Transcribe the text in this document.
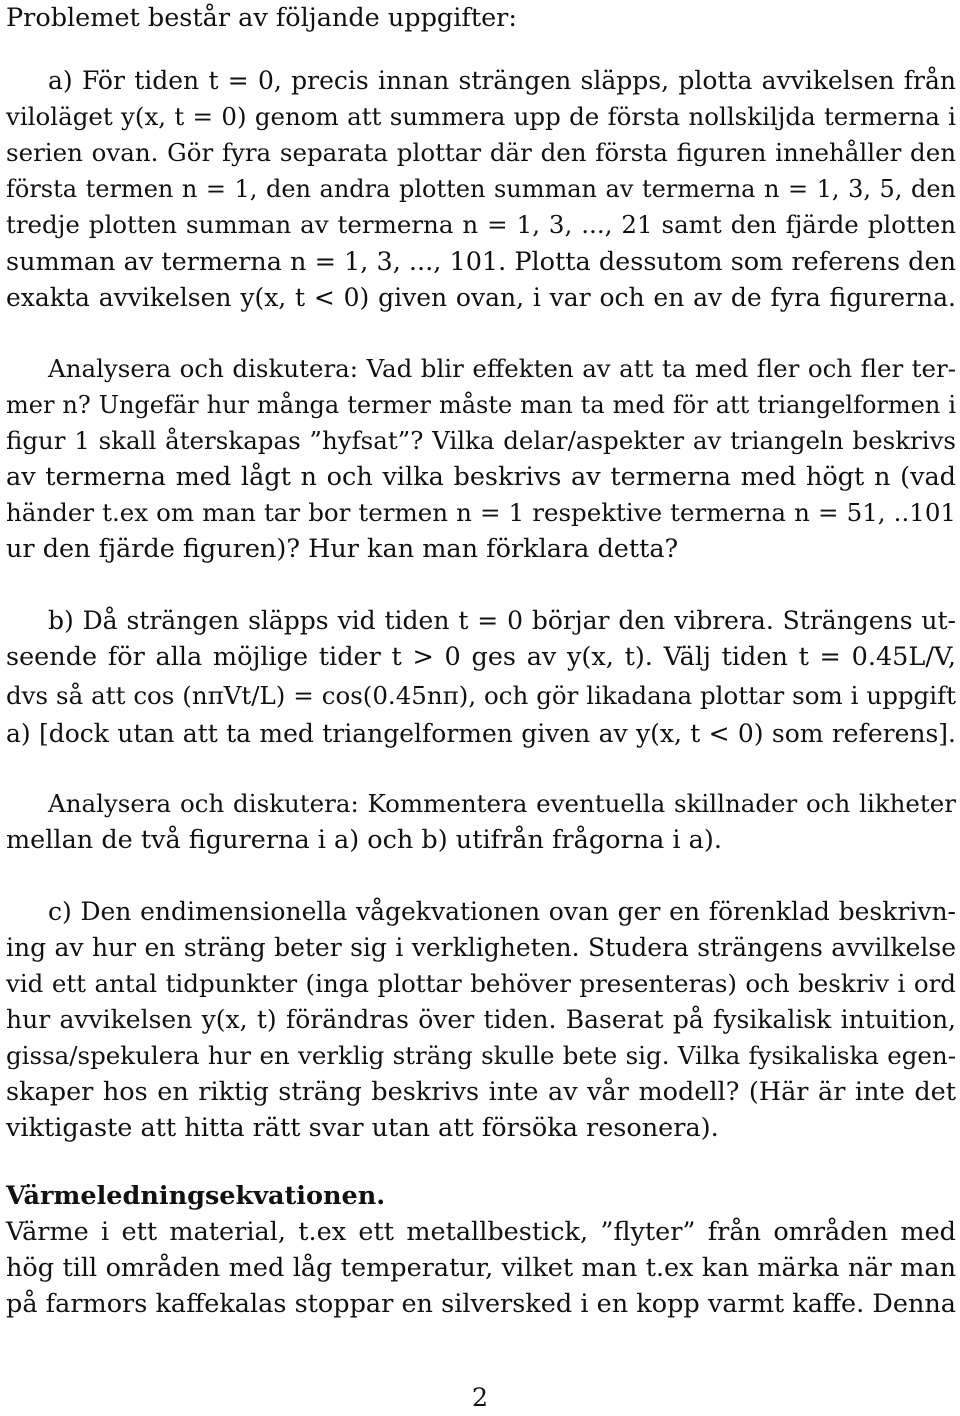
Problemet består av följande uppgifter:
a) För tiden t = 0, precis innan strängen släpps, plotta avvikelsen från
viloläget y(x, t = 0) genom att summera upp de första nollskiljda termerna i
serien ovan. Gör fyra separata plottar där den första figuren innehåller den
första termen n = 1, den andra plotten summan av termerna n = 1, 3, 5, den
tredje plotten summan av termerna n = 1, 3, ..., 21 samt den fjärde plotten
summan av termerna n = 1, 3, ..., 101. Plotta dessutom som referens den
exakta avvikelsen y(x, t < 0) given ovan, i var och en av de fyra figurerna.
Analysera och diskutera: Vad blir effekten av att ta med fler och fler ter-
mer n? Ungefär hur många termer måste man ta med för att triangelformen i
figur 1 skall återskapas ”hyfsat”? Vilka delar/aspekter av triangeln beskrivs
av termerna med lågt n och vilka beskrivs av termerna med högt n (vad
händer t.ex om man tar bor termen n = 1 respektive termerna n = 51, ..101
ur den fjärde figuren)? Hur kan man förklara detta?
b) Då strängen släpps vid tiden t = 0 börjar den vibrera. Strängens ut-
seende för alla möjlige tider t > 0 ges av y(x, t). Välj tiden t = 0.45L/V,
dvs så att cos (nπVt/L) = cos(0.45nπ), och gör likadana plottar som i uppgift
a) [dock utan att ta med triangelformen given av y(x, t < 0) som referens].
Analysera och diskutera: Kommentera eventuella skillnader och likheter
mellan de två figurerna i a) och b) utifrån frågorna i a).
c) Den endimensionella vågekvationen ovan ger en förenklad beskrivn-
ing av hur en sträng beter sig i verkligheten. Studera strängens avvilkelse
vid ett antal tidpunkter (inga plottar behöver presenteras) och beskriv i ord
hur avvikelsen y(x, t) förändras över tiden. Baserat på fysikalisk intuition,
gissa/spekulera hur en verklig sträng skulle bete sig. Vilka fysikaliska egen-
skaper hos en riktig sträng beskrivs inte av vår modell? (Här är inte det
viktigaste att hitta rätt svar utan att försöka resonera).
Värmeledningsekvationen.
Värme i ett material, t.ex ett metallbestick, ”flyter” från områden med
hög till områden med låg temperatur, vilket man t.ex kan märka när man
på farmors kaffekalas stoppar en silversked i en kopp varmt kaffe. Denna
2
